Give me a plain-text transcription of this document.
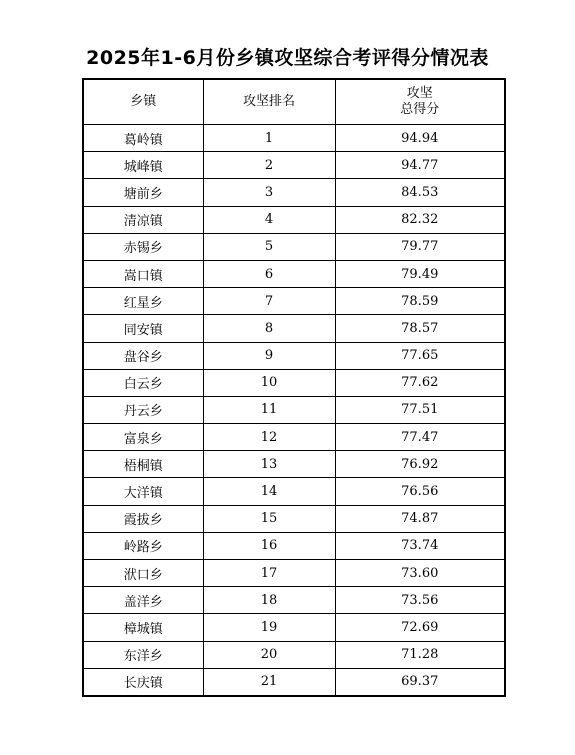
2025年1-6月份乡镇攻坚综合考评得分情况表
乡镇	攻坚排名	攻坚
总得分

葛岭镇	1	94.94
城峰镇	2	94.77
塘前乡	3	84.53
清凉镇	4	82.32
赤锡乡	5	79.77
嵩口镇	6	79.49
红星乡	7	78.59
同安镇	8	78.57
盘谷乡	9	77.65
白云乡	10	77.62
丹云乡	11	77.51
富泉乡	12	77.47
梧桐镇	13	76.92
大洋镇	14	76.56
霞拔乡	15	74.87
岭路乡	16	73.74
洑口乡	17	73.60
盖洋乡	18	73.56
樟城镇	19	72.69
东洋乡	20	71.28
长庆镇	21	69.37
